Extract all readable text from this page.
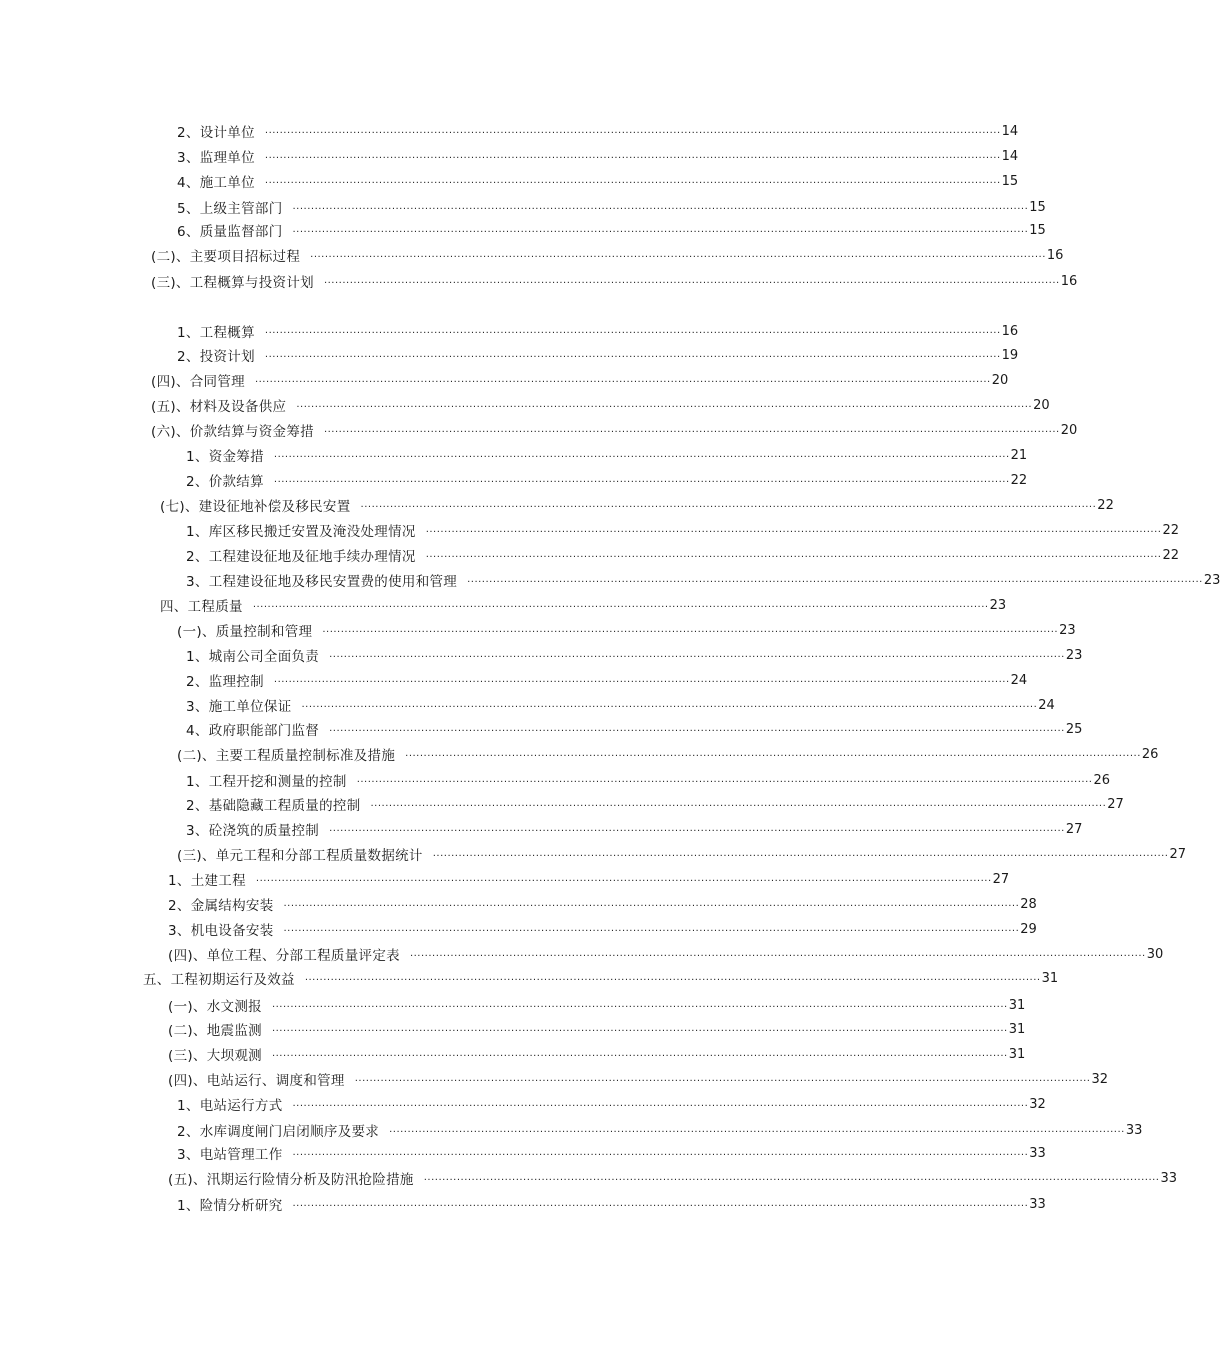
2、设计单位 ........................................................................................................................................................................................................ 14
3、监理单位 ........................................................................................................................................................................................................ 14
4、施工单位 ........................................................................................................................................................................................................ 15
5、上级主管部门 ........................................................................................................................................................................................................ 15
6、质量监督部门 ........................................................................................................................................................................................................ 15
(二)、主要项目招标过程 ........................................................................................................................................................................................................ 16
(三)、工程概算与投资计划 ........................................................................................................................................................................................................ 16
1、工程概算 ........................................................................................................................................................................................................ 16
2、投资计划 ........................................................................................................................................................................................................ 19
(四)、合同管理 ........................................................................................................................................................................................................ 20
(五)、材料及设备供应 ........................................................................................................................................................................................................ 20
(六)、价款结算与资金筹措 ........................................................................................................................................................................................................ 20
1、资金筹措 ........................................................................................................................................................................................................ 21
2、价款结算 ........................................................................................................................................................................................................ 22
(七)、建设征地补偿及移民安置 ........................................................................................................................................................................................................ 22
1、库区移民搬迁安置及淹没处理情况 ........................................................................................................................................................................................................ 22
2、工程建设征地及征地手续办理情况 ........................................................................................................................................................................................................ 22
3、工程建设征地及移民安置费的使用和管理 ........................................................................................................................................................................................................ 23
四、工程质量 ........................................................................................................................................................................................................ 23
(一)、质量控制和管理 ........................................................................................................................................................................................................ 23
1、城南公司全面负责 ........................................................................................................................................................................................................ 23
2、监理控制 ........................................................................................................................................................................................................ 24
3、施工单位保证 ........................................................................................................................................................................................................ 24
4、政府职能部门监督 ........................................................................................................................................................................................................ 25
(二)、主要工程质量控制标准及措施 ........................................................................................................................................................................................................ 26
1、工程开挖和测量的控制 ........................................................................................................................................................................................................ 26
2、基础隐藏工程质量的控制 ........................................................................................................................................................................................................ 27
3、砼浇筑的质量控制 ........................................................................................................................................................................................................ 27
(三)、单元工程和分部工程质量数据统计 ........................................................................................................................................................................................................ 27
1、土建工程 ........................................................................................................................................................................................................ 27
2、金属结构安装 ........................................................................................................................................................................................................ 28
3、机电设备安装 ........................................................................................................................................................................................................ 29
(四)、单位工程、分部工程质量评定表 ........................................................................................................................................................................................................ 30
五、工程初期运行及效益 ........................................................................................................................................................................................................ 31
(一)、水文测报 ........................................................................................................................................................................................................ 31
(二)、地震监测 ........................................................................................................................................................................................................ 31
(三)、大坝观测 ........................................................................................................................................................................................................ 31
(四)、电站运行、调度和管理 ........................................................................................................................................................................................................ 32
1、电站运行方式 ........................................................................................................................................................................................................ 32
2、水库调度闸门启闭顺序及要求 ........................................................................................................................................................................................................ 33
3、电站管理工作 ........................................................................................................................................................................................................ 33
(五)、汛期运行险情分析及防汛抢险措施 ........................................................................................................................................................................................................ 33
1、险情分析研究 ........................................................................................................................................................................................................ 33
